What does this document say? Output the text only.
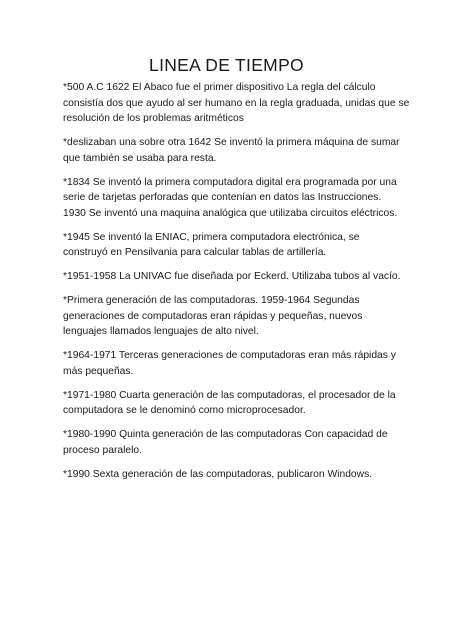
LINEA DE TIEMPO

*500 A.C 1622 El Abaco fue el primer dispositivo La regla del cálculo
consistía dos que ayudo al ser humano en la regla graduada, unidas que se
resolución de los problemas aritméticos

*deslizaban una sobre otra 1642 Se inventó la primera máquina de sumar
que también se usaba para resta.

*1834 Se inventó la primera computadora digital era programada por una
serie de tarjetas perforadas que contenían en datos las Instrucciones.
1930 Se inventó una maquina analógica que utilizaba circuitos eléctricos.

*1945 Se inventó la ENIAC, primera computadora electrónica, se
construyó en Pensilvania para calcular tablas de artillería.

*1951-1958 La UNIVAC fue diseñada por Eckerd. Utilizaba tubos al vacío.

*Primera generación de las computadoras. 1959-1964 Segundas
generaciones de computadoras eran rápidas y pequeñas, nuevos
lenguajes llamados lenguajes de alto nivel.

*1964-1971 Terceras generaciones de computadoras eran más rápidas y
más pequeñas.

*1971-1980 Cuarta generación de las computadoras, el procesador de la
computadora se le denominó como microprocesador.

*1980-1990 Quinta generación de las computadoras Con capacidad de
proceso paralelo.

*1990 Sexta generación de las computadoras, publicaron Windows.
